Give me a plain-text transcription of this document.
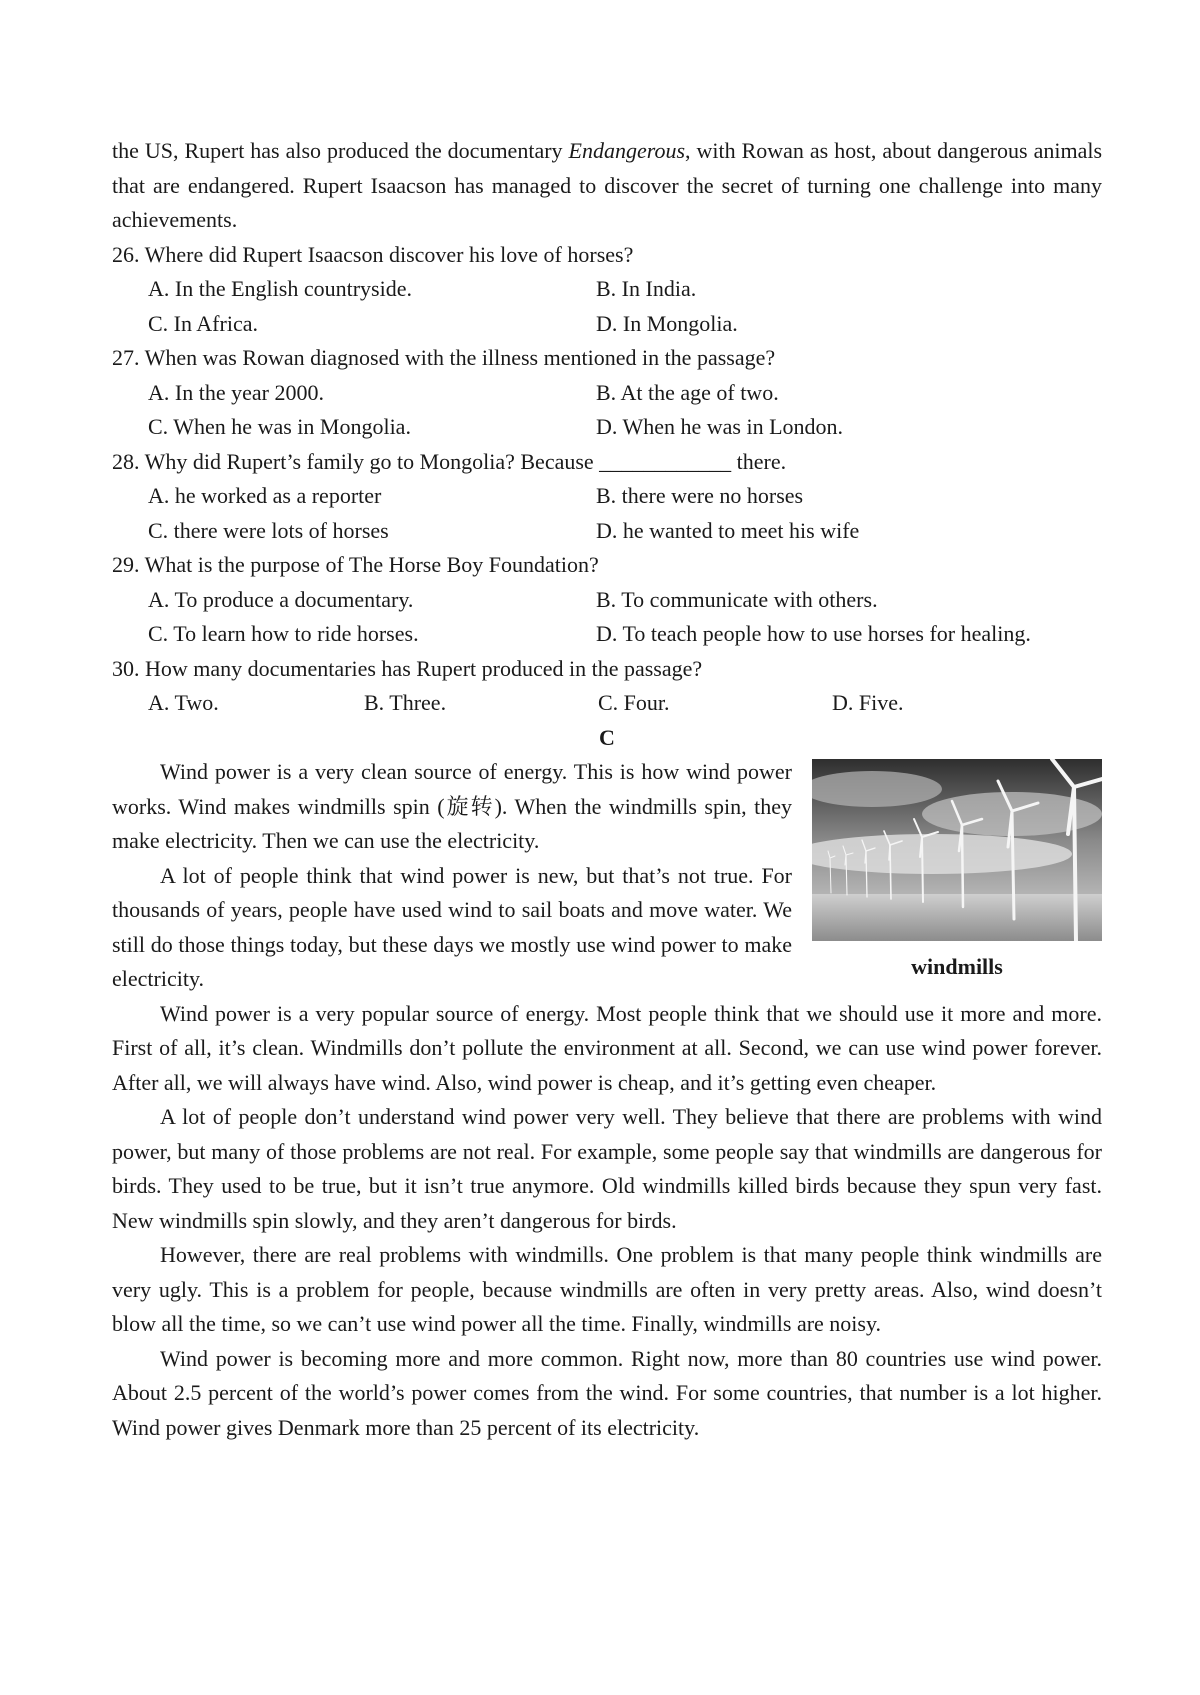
the US, Rupert has also produced the documentary Endangerous, with Rowan as host, about dangerous animals that are endangered. Rupert Isaacson has managed to discover the secret of turning one challenge into many achievements.

26. Where did Rupert Isaacson discover his love of horses?

A. In the English countryside.	B. In India.
C. In Africa.	D. In Mongolia.

27. When was Rowan diagnosed with the illness mentioned in the passage?

A. In the year 2000.	B. At the age of two.
C. When he was in Mongolia.	D. When he was in London.

28. Why did Rupert’s family go to Mongolia? Because ____________ there.

A. he worked as a reporter	B. there were no horses
C. there were lots of horses	D. he wanted to meet his wife

29. What is the purpose of The Horse Boy Foundation?

A. To produce a documentary.	B. To communicate with others.
C. To learn how to ride horses.	D. To teach people how to use horses for healing.

30. How many documentaries has Rupert produced in the passage?

A. Two.	B. Three.	C. Four.	D. Five.

C

windmills

Wind power is a very clean source of energy. This is how wind power works. Wind makes windmills spin (旋转). When the windmills spin, they make electricity. Then we can use the electricity.

A lot of people think that wind power is new, but that’s not true. For thousands of years, people have used wind to sail boats and move water. We still do those things today, but these days we mostly use wind power to make electricity.

Wind power is a very popular source of energy. Most people think that we should use it more and more. First of all, it’s clean. Windmills don’t pollute the environment at all. Second, we can use wind power forever. After all, we will always have wind. Also, wind power is cheap, and it’s getting even cheaper.

A lot of people don’t understand wind power very well. They believe that there are problems with wind power, but many of those problems are not real. For example, some people say that windmills are dangerous for birds. They used to be true, but it isn’t true anymore. Old windmills killed birds because they spun very fast. New windmills spin slowly, and they aren’t dangerous for birds.

However, there are real problems with windmills. One problem is that many people think windmills are very ugly. This is a problem for people, because windmills are often in very pretty areas. Also, wind doesn’t blow all the time, so we can’t use wind power all the time. Finally, windmills are noisy.

Wind power is becoming more and more common. Right now, more than 80 countries use wind power. About 2.5 percent of the world’s power comes from the wind. For some countries, that number is a lot higher. Wind power gives Denmark more than 25 percent of its electricity.
